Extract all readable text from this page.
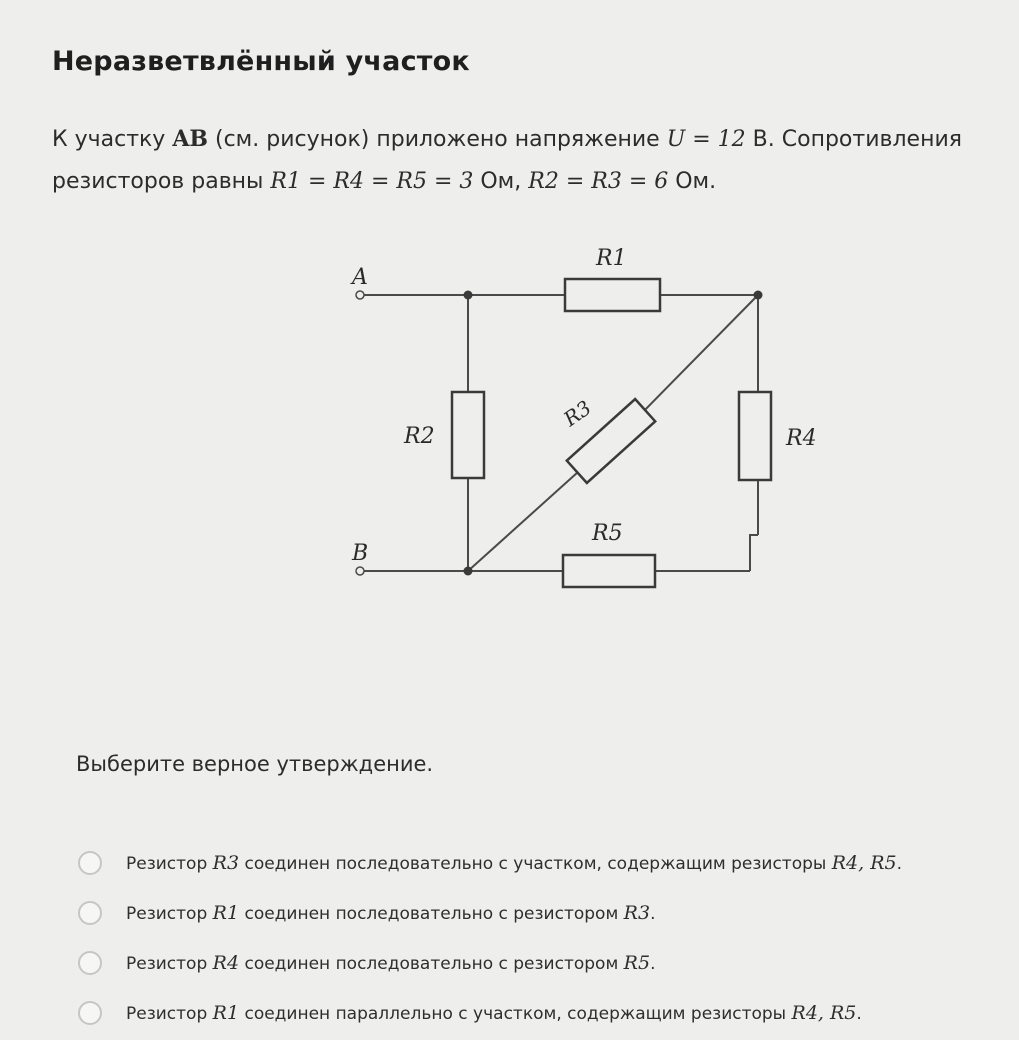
Неразветвлённый участок
К участку AB (см. рисунок) приложено напряжение U = 12 В. Сопротивления
резисторов равны R1 = R4 = R5 = 3 Ом, R2 = R3 = 6 Ом.
A
B
R1
R2
R3
R4
R5
Выберите верное утверждение.
Резистор R3 соединен последовательно с участком, содержащим резисторы R4, R5.
Резистор R1 соединен последовательно с резистором R3.
Резистор R4 соединен последовательно с резистором R5.
Резистор R1 соединен параллельно с участком, содержащим резисторы R4, R5.
